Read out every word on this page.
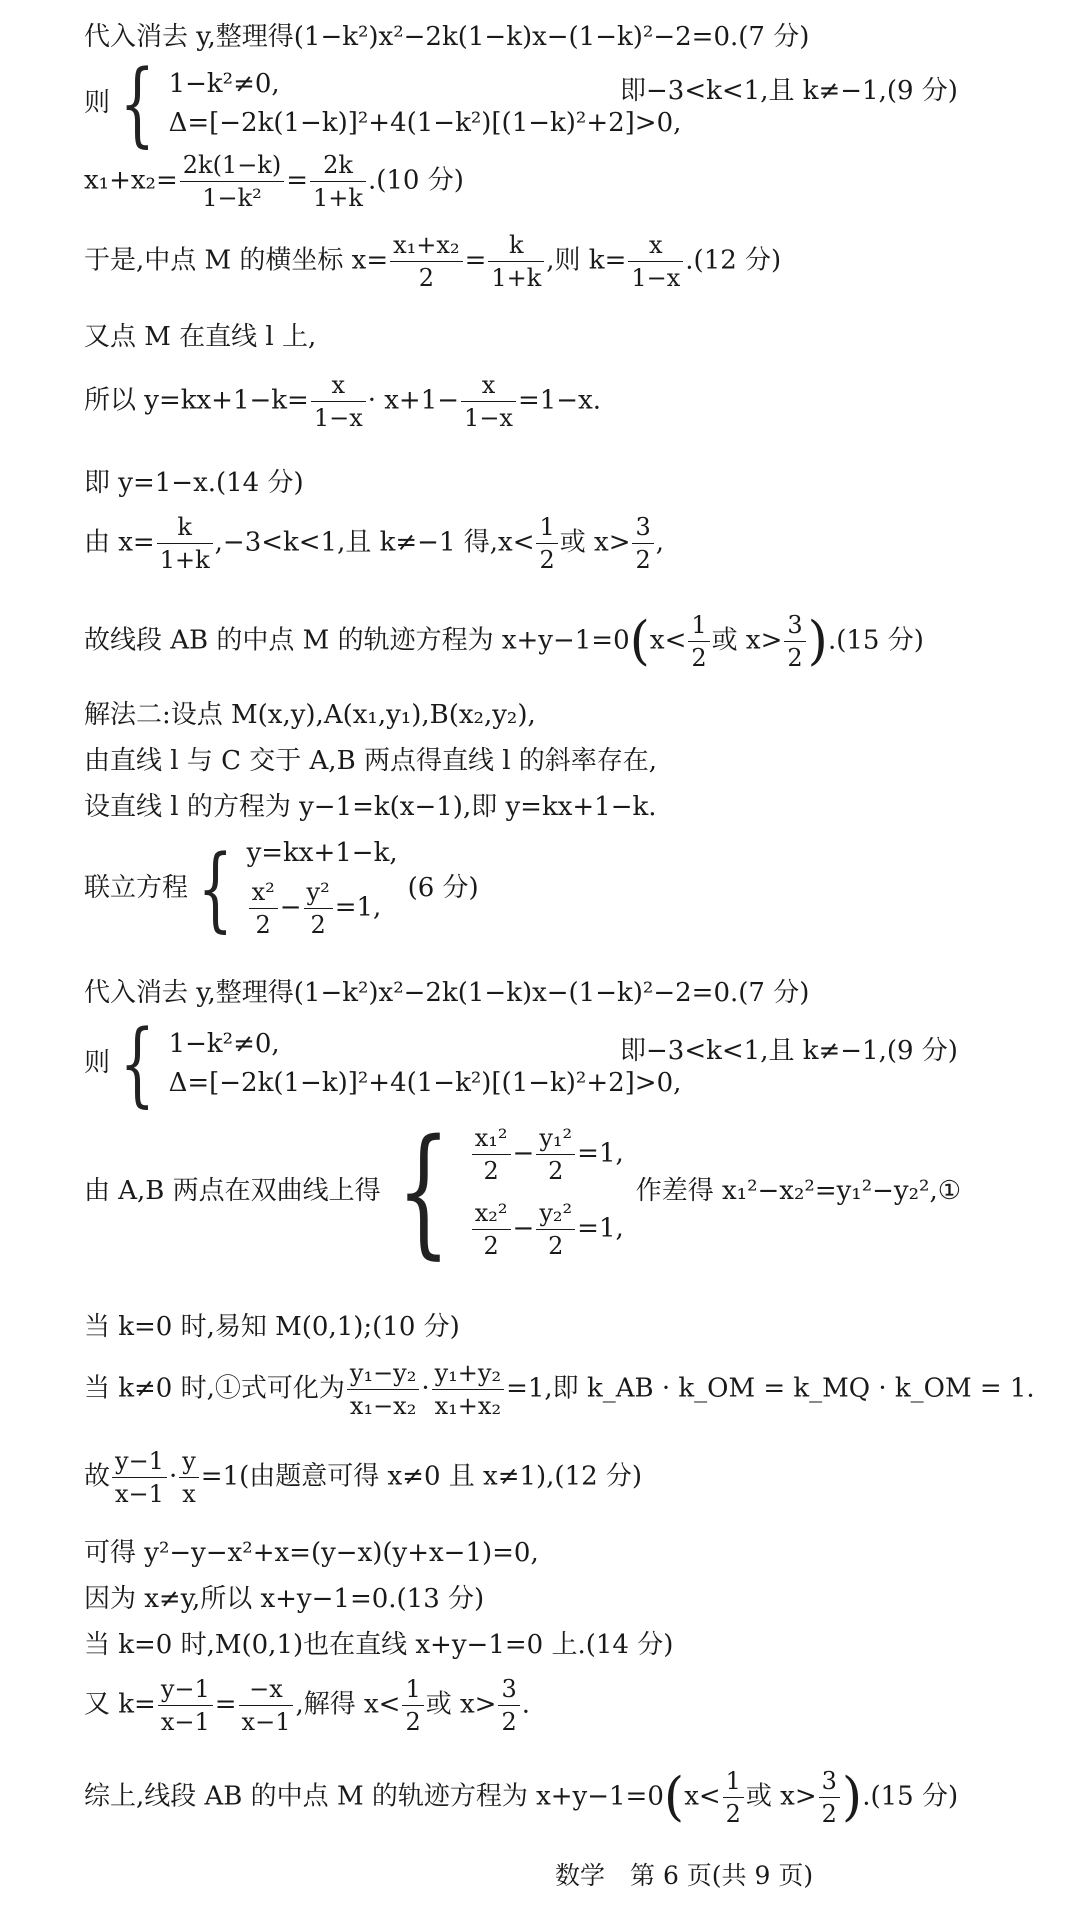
代入消去 y,整理得(1−k²)x²−2k(1−k)x−(1−k)²−2=0.(7 分)
则 { 1−k²≠0,
Δ=[−2k(1−k)]²+4(1−k²)[(1−k)²+2]>0,
即−3<k<1,且 k≠−1,(9 分)
$x_1+x_2= \frac{2k(1-k)}{\text{1−k²}} = \frac{2k}{1+k} .(10$ 分)
于是,中点 M 的横坐标 $x= \frac{\text{x₁+x₂}}{2} = \frac{k}{1+k}$ ,则 $k= \frac{x}{1-x} .(12$ 分)
又点 M 在直线 l 上,
所以 $y=kx+1-k= \frac{x}{1-x} \cdot x+1- \frac{x}{1-x} =1-x$.
即 y=1−x.(14 分)
由 $x= \frac{k}{1+k} ,-3<k<1$,且 k≠−1 得$,x< \frac{1}{2}$ 或 $x> \frac{3}{2}$ ,
故线段 AB 的中点 M 的轨迹方程为 $x+y-1=0(x< \frac{1}{2}$ 或 $x> \frac{3}{2} ).(15$ 分)
解法二:设点 M(x,y),A(x₁,y₁),B(x₂,y₂),
由直线 l 与 C 交于 A,B 两点得直线 l 的斜率存在,
设直线 l 的方程为 y−1=k(x−1),即 y=kx+1−k.
联立方程 { y=kx+1−k,
$\frac{\text{x²}}{2} - \frac{\text{y²}}{2} =1$,
(6 分)
代入消去 y,整理得(1−k²)x²−2k(1−k)x−(1−k)²−2=0.(7 分)
则 { 1−k²≠0,
Δ=[−2k(1−k)]²+4(1−k²)[(1−k)²+2]>0,
即−3<k<1,且 k≠−1,(9 分)
由 A,B 两点在双曲线上得 { $\frac{\text{x₁²}}{2} - \frac{\text{y₁²}}{2} =1$,
$\frac{\text{x₂²}}{2} - \frac{\text{y₂²}}{2} =1$,
作差得 x₁²−x₂²=y₁²−y₂²,①
当 k=0 时,易知 M(0,1);(10 分)
当 k≠0 时,①式可化为 $\frac{\text{y₁−y₂}}{\text{x₁−x₂}} \cdot \frac{\text{y₁+y₂}}{\text{x₁+x₂}} =1$,即 k_AB · k_OM = k_MQ · k_OM = 1.
故 $\frac{y-1}{x-1} \cdot \frac{y}{x} =1$(由题意可得 x≠0 且 x≠1),(12 分)
可得 y²−y−x²+x=(y−x)(y+x−1)=0,
因为 x≠y,所以 x+y−1=0.(13 分)
当 k=0 时,M(0,1)也在直线 x+y−1=0 上.(14 分)
又 $k= \frac{y-1}{x-1} = \frac{-x}{x-1}$ ,解得 $x< \frac{1}{2}$ 或 $x> \frac{3}{2}$ .
综上,线段 AB 的中点 M 的轨迹方程为 $x+y-1=0(x< \frac{1}{2}$ 或 $x> \frac{3}{2} ).(15$ 分)
数学　第 6 页(共 9 页)
